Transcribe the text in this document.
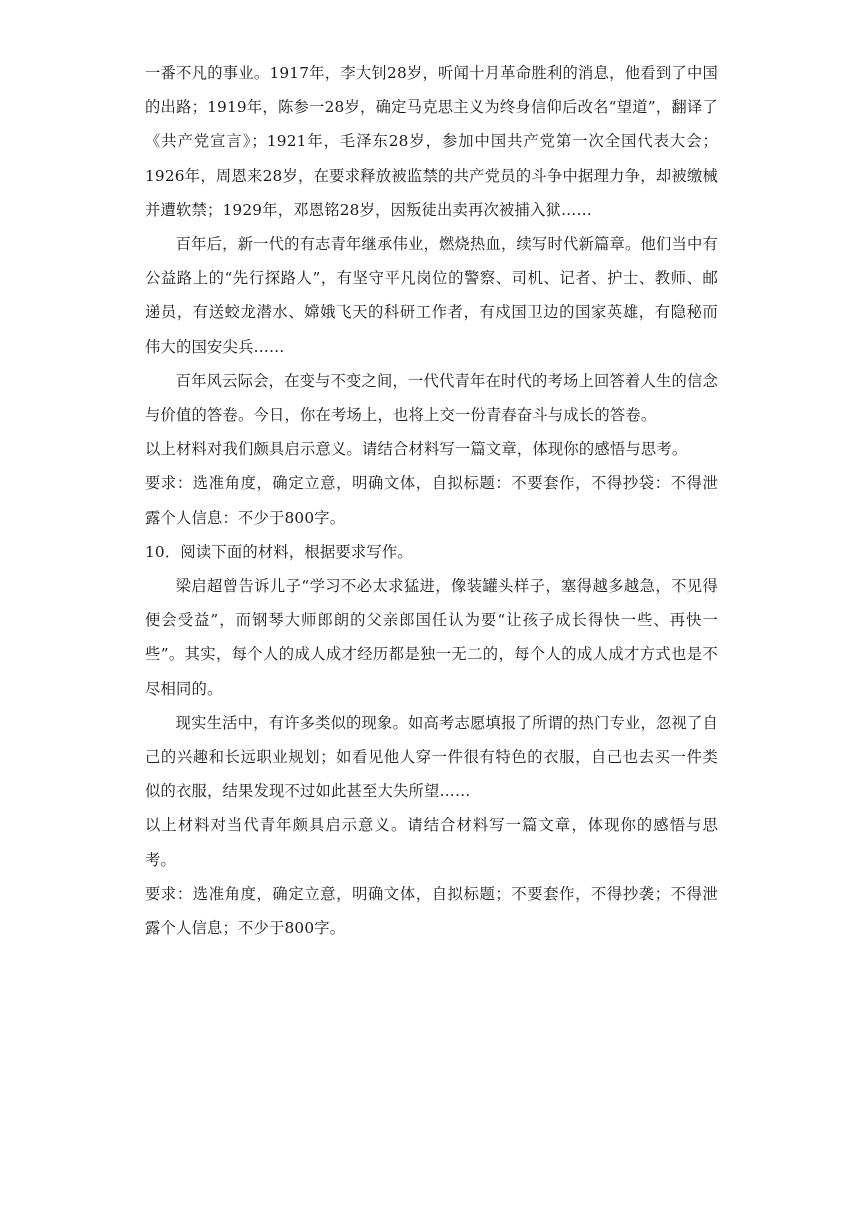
一番不凡的事业。1917年，李大钊28岁，听闻十月革命胜利的消息，他看到了中国的出路；1919年，陈参一28岁，确定马克思主义为终身信仰后改名“望道”，翻译了《共产党宣言》；1921年，毛泽东28岁，参加中国共产党第一次全国代表大会；1926年，周恩来28岁，在要求释放被监禁的共产党员的斗争中据理力争，却被缴械并遭软禁；1929年，邓恩铭28岁，因叛徒出卖再次被捕入狱……

百年后，新一代的有志青年继承伟业，燃烧热血，续写时代新篇章。他们当中有公益路上的“先行探路人”，有坚守平凡岗位的警察、司机、记者、护士、教师、邮递员，有送蛟龙潜水、嫦娥飞天的科研工作者，有戍国卫边的国家英雄，有隐秘而伟大的国安尖兵……

百年风云际会，在变与不变之间，一代代青年在时代的考场上回答着人生的信念与价值的答卷。今日，你在考场上，也将上交一份青春奋斗与成长的答卷。

以上材料对我们颇具启示意义。请结合材料写一篇文章，体现你的感悟与思考。

要求：选准角度，确定立意，明确文体，自拟标题：不要套作，不得抄袋：不得泄露个人信息：不少于800字。

10．阅读下面的材料，根据要求写作。

梁启超曾告诉儿子“学习不必太求猛进，像装罐头样子，塞得越多越急，不见得便会受益”，而钢琴大师郎朗的父亲郎国任认为要“让孩子成长得快一些、再快一些”。其实，每个人的成人成才经历都是独一无二的，每个人的成人成才方式也是不尽相同的。

现实生活中，有许多类似的现象。如高考志愿填报了所谓的热门专业，忽视了自己的兴趣和长远职业规划；如看见他人穿一件很有特色的衣服，自己也去买一件类似的衣服，结果发现不过如此甚至大失所望……

以上材料对当代青年颇具启示意义。请结合材料写一篇文章，体现你的感悟与思考。

要求：选准角度，确定立意，明确文体，自拟标题；不要套作，不得抄袭；不得泄露个人信息；不少于800字。
